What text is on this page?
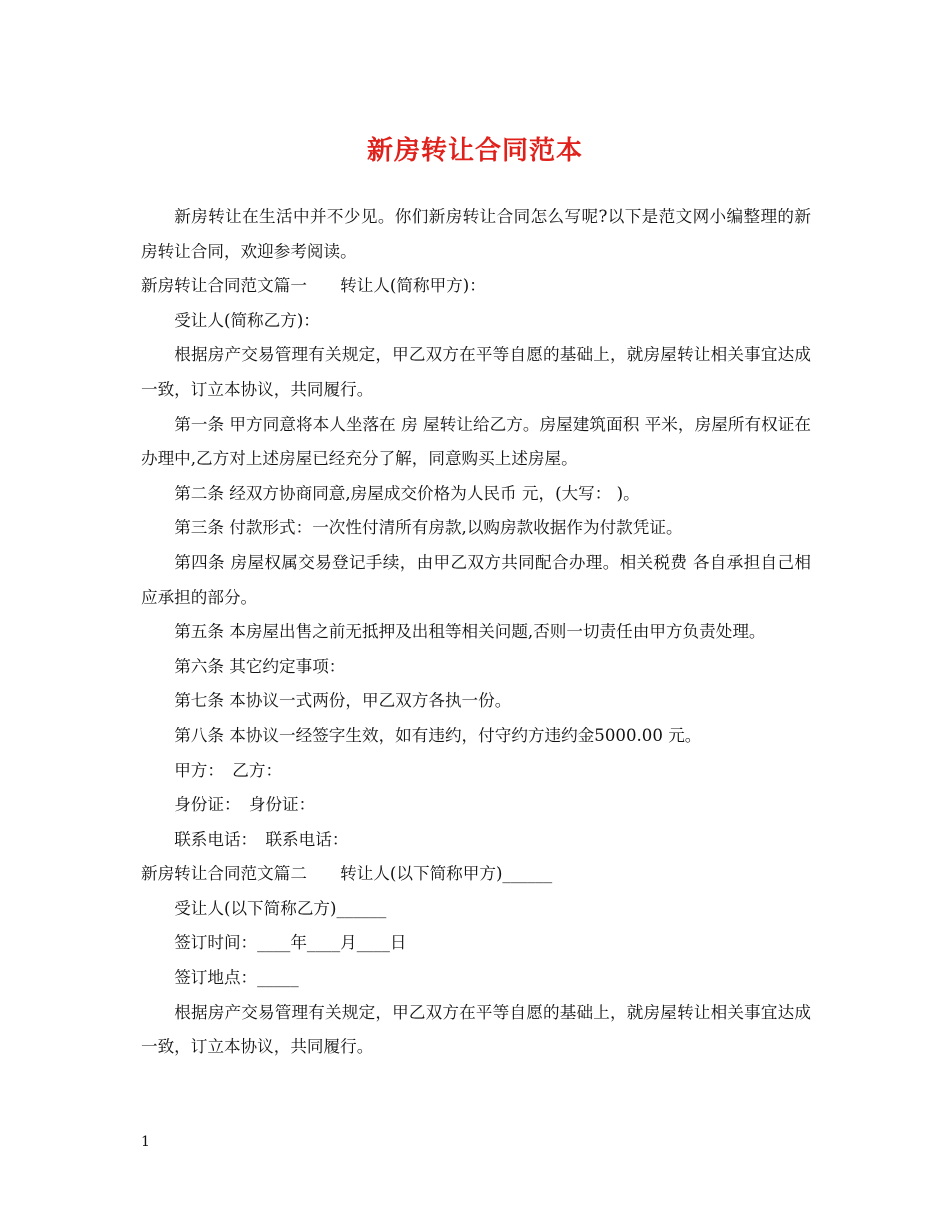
新房转让合同范本

新房转让在生活中并不少见。你们新房转让合同怎么写呢?以下是范文网小编整理的新房转让合同，欢迎参考阅读。

新房转让合同范文篇一　　转让人(简称甲方)：

受让人(简称乙方)：

根据房产交易管理有关规定，甲乙双方在平等自愿的基础上，就房屋转让相关事宜达成一致，订立本协议，共同履行。

第一条 甲方同意将本人坐落在 房 屋转让给乙方。房屋建筑面积 平米，房屋所有权证在办理中,乙方对上述房屋已经充分了解，同意购买上述房屋。

第二条 经双方协商同意,房屋成交价格为人民币 元，(大写： )。

第三条 付款形式：一次性付清所有房款,以购房款收据作为付款凭证。

第四条 房屋权属交易登记手续，由甲乙双方共同配合办理。相关税费 各自承担自己相应承担的部分。

第五条 本房屋出售之前无抵押及出租等相关问题,否则一切责任由甲方负责处理。

第六条 其它约定事项：

第七条 本协议一式两份，甲乙双方各执一份。

第八条 本协议一经签字生效，如有违约，付守约方违约金5000.00 元。

甲方：　乙方：

身份证：　身份证：

联系电话：　联系电话：

新房转让合同范文篇二　　转让人(以下简称甲方)______

受让人(以下简称乙方)______

签订时间：____年____月____日

签订地点：_____

根据房产交易管理有关规定，甲乙双方在平等自愿的基础上，就房屋转让相关事宜达成一致，订立本协议，共同履行。

1
